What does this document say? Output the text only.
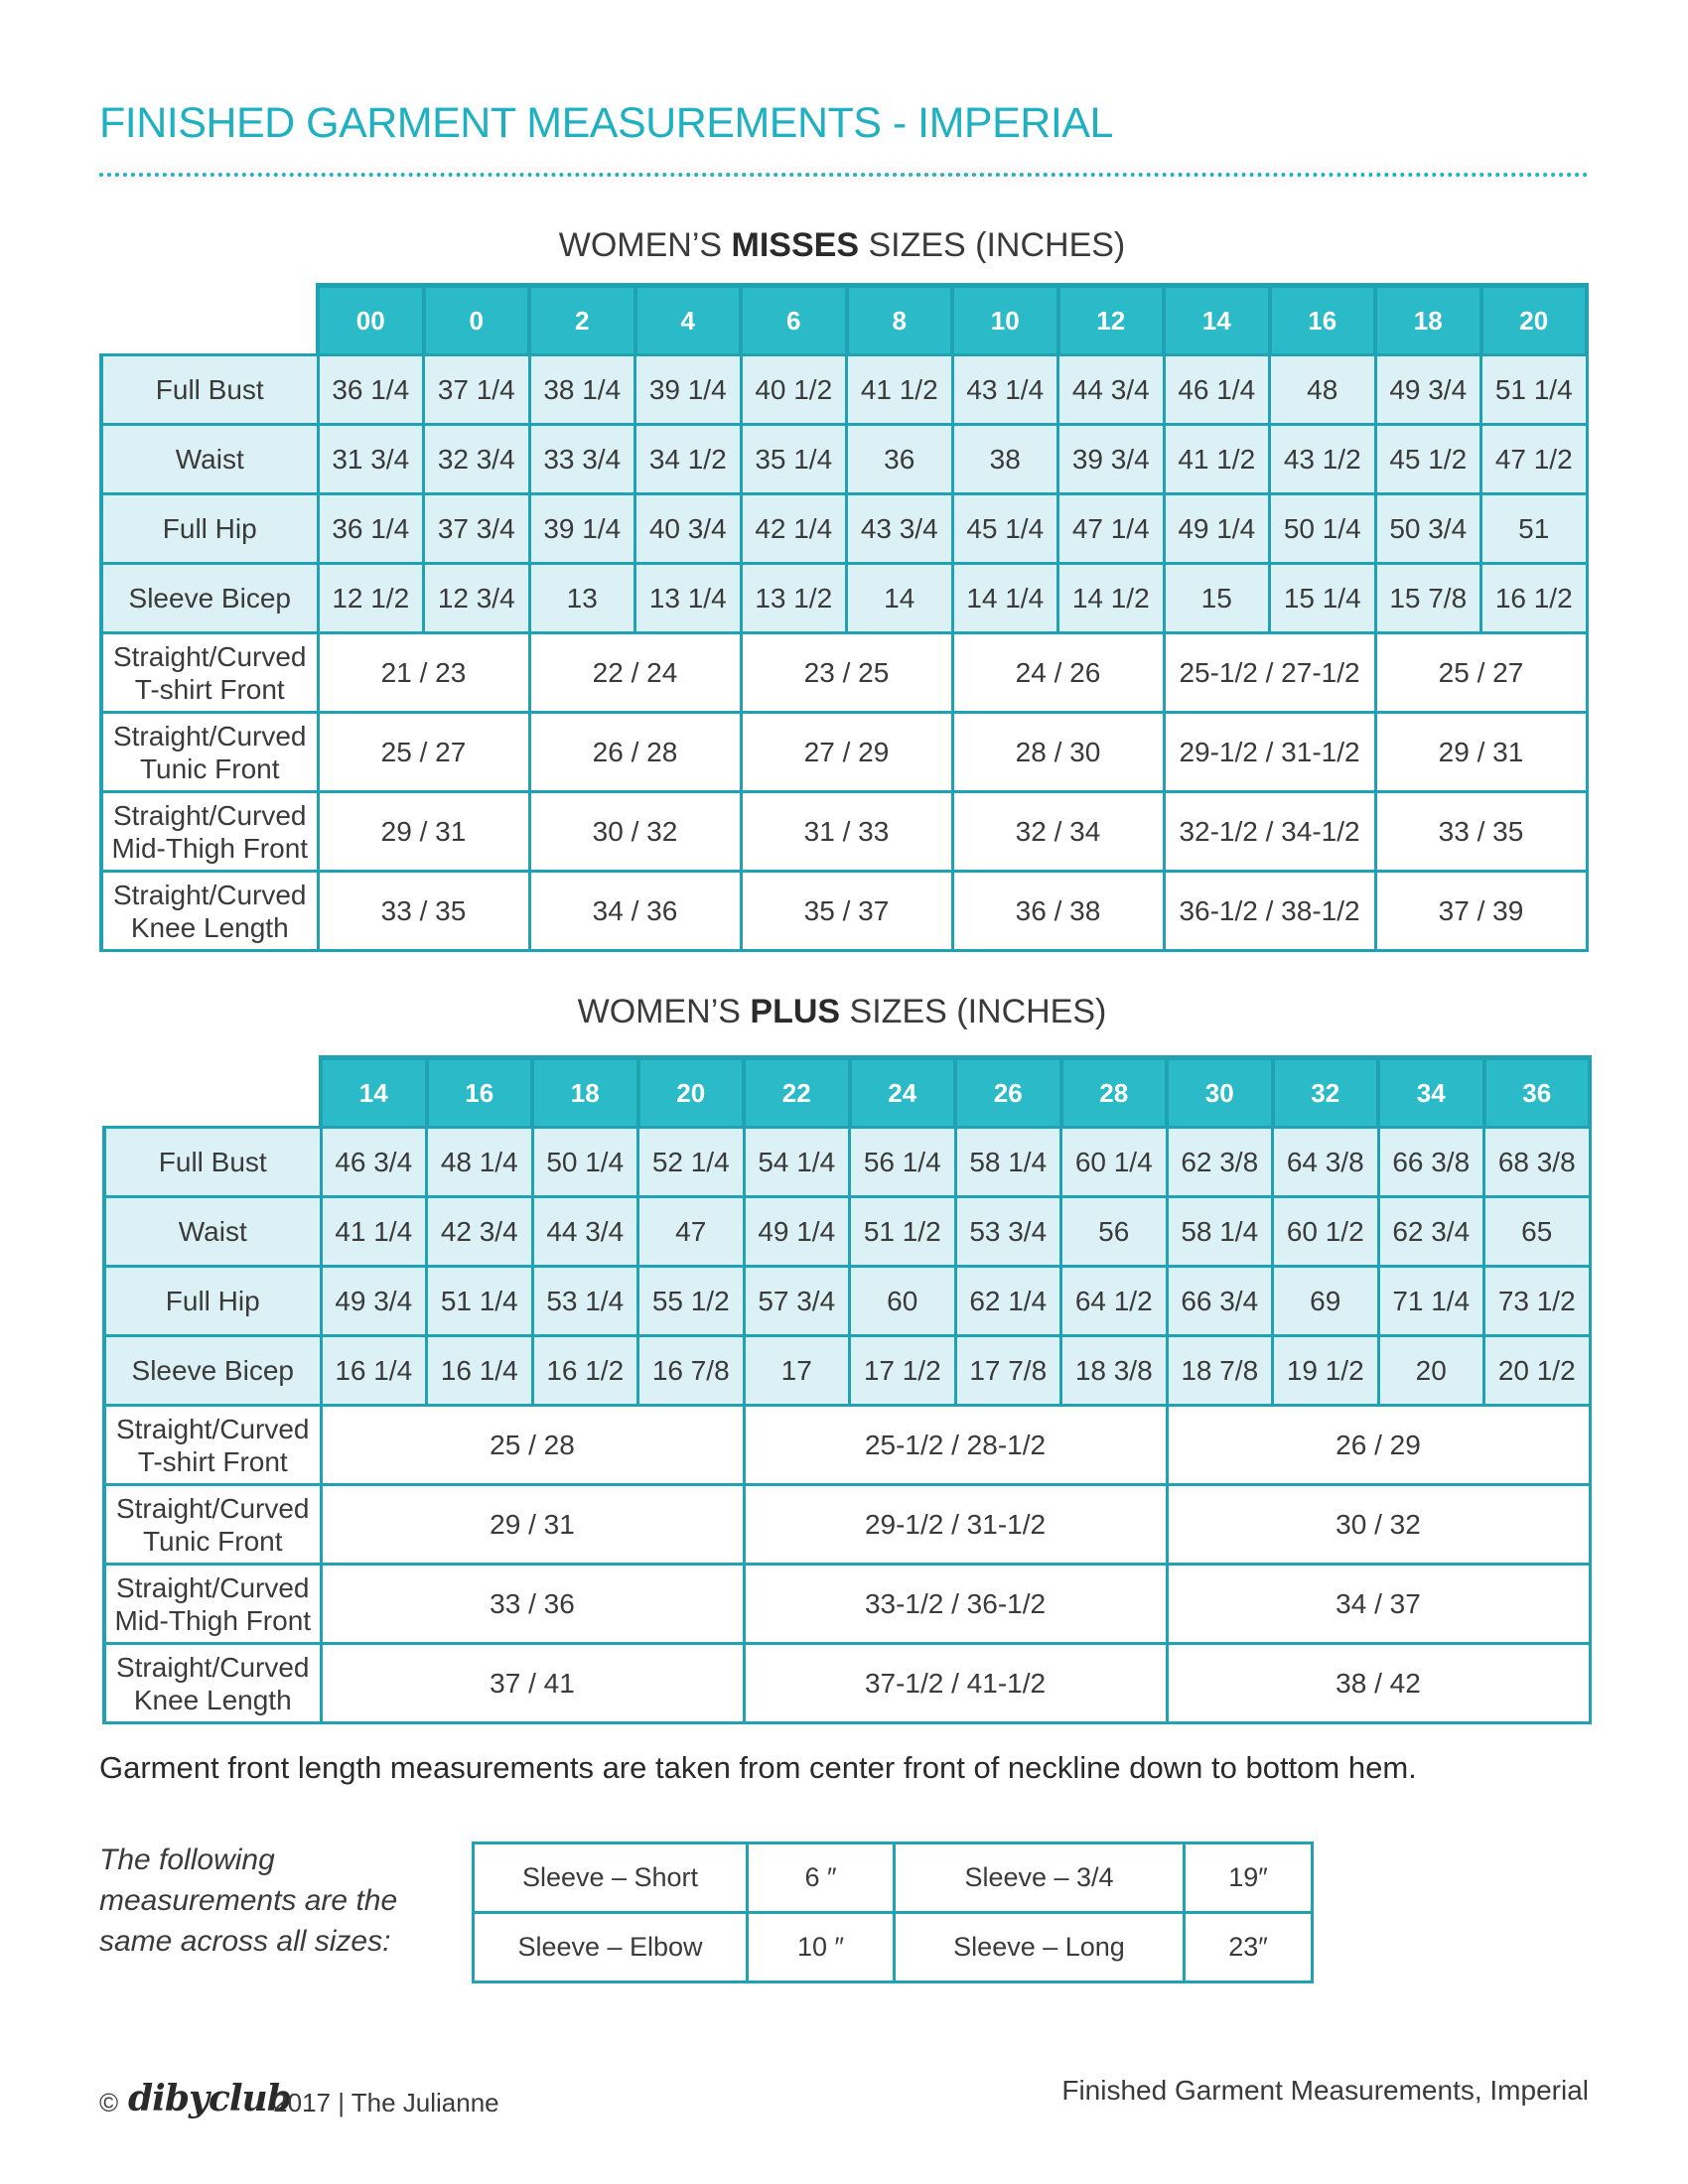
FINISHED GARMENT MEASUREMENTS - IMPERIAL
WOMEN’S MISSES SIZES (INCHES)
	00	0	2	4	6	8	10	12	14	16	18	20
Full Bust	36 1/4	37 1/4	38 1/4	39 1/4	40 1/2	41 1/2	43 1/4	44 3/4	46 1/4	48	49 3/4	51 1/4
Waist	31 3/4	32 3/4	33 3/4	34 1/2	35 1/4	36	38	39 3/4	41 1/2	43 1/2	45 1/2	47 1/2
Full Hip	36 1/4	37 3/4	39 1/4	40 3/4	42 1/4	43 3/4	45 1/4	47 1/4	49 1/4	50 1/4	50 3/4	51
Sleeve Bicep	12 1/2	12 3/4	13	13 1/4	13 1/2	14	14 1/4	14 1/2	15	15 1/4	15 7/8	16 1/2
Straight/Curved
T-shirt Front	21 / 23		22 / 24		23 / 25		24 / 26		25-1/2 / 27-1/2		25 / 27	
Straight/Curved
Tunic Front	25 / 27		26 / 28		27 / 29		28 / 30		29-1/2 / 31-1/2		29 / 31	
Straight/Curved
Mid-Thigh Front	29 / 31		30 / 32		31 / 33		32 / 34		32-1/2 / 34-1/2		33 / 35	
Straight/Curved
Knee Length	33 / 35		34 / 36		35 / 37		36 / 38		36-1/2 / 38-1/2		37 / 39	
WOMEN’S PLUS SIZES (INCHES)
	14	16	18	20	22	24	26	28	30	32	34	36
Full Bust	46 3/4	48 1/4	50 1/4	52 1/4	54 1/4	56 1/4	58 1/4	60 1/4	62 3/8	64 3/8	66 3/8	68 3/8
Waist	41 1/4	42 3/4	44 3/4	47	49 1/4	51 1/2	53 3/4	56	58 1/4	60 1/2	62 3/4	65
Full Hip	49 3/4	51 1/4	53 1/4	55 1/2	57 3/4	60	62 1/4	64 1/2	66 3/4	69	71 1/4	73 1/2
Sleeve Bicep	16 1/4	16 1/4	16 1/2	16 7/8	17	17 1/2	17 7/8	18 3/8	18 7/8	19 1/2	20	20 1/2
Straight/Curved
T-shirt Front	25 / 28				25-1/2 / 28-1/2				26 / 29			
Straight/Curved
Tunic Front	29 / 31				29-1/2 / 31-1/2				30 / 32			
Straight/Curved
Mid-Thigh Front	33 / 36				33-1/2 / 36-1/2				34 / 37			
Straight/Curved
Knee Length	37 / 41				37-1/2 / 41-1/2				38 / 42			
Garment front length measurements are taken from center front of neckline down to bottom hem.
The following measurements are the same across all sizes:
Sleeve – Short	6 ″	Sleeve – 3/4	19″
Sleeve – Elbow	10 ″	Sleeve – Long	23″
© dibyclub
2017 | The Julianne	Finished Garment Measurements, Imperial
